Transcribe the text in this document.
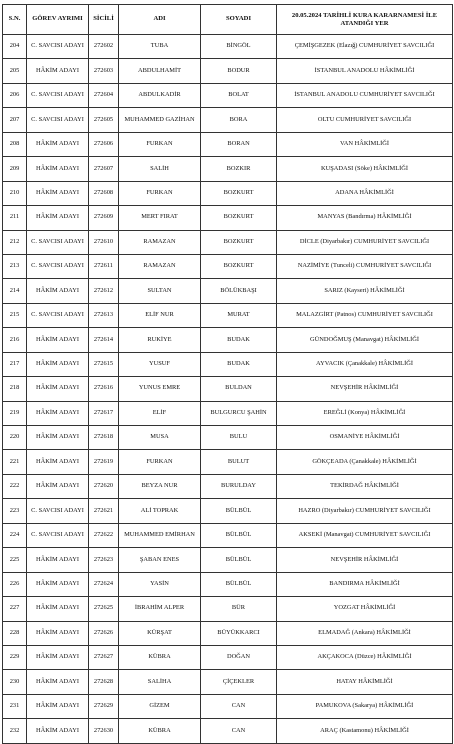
S.N.	GÖREV AYRIMI	SİCİLİ	ADI	SOYADI	20.05.2024 TARİHLİ KURA KARARNAMESİ İLE ATANDIĞI YER
204	C. SAVCISI ADAYI	272602	TUBA	BİNGÖL	ÇEMİŞGEZEK (Elazığ) CUMHURİYET SAVCILIĞI
205	HÂKİM ADAYI	272603	ABDULHAMİT	BODUR	İSTANBUL ANADOLU HÂKİMLİĞİ
206	C. SAVCISI ADAYI	272604	ABDULKADİR	BOLAT	İSTANBUL ANADOLU CUMHURİYET SAVCILIĞI
207	C. SAVCISI ADAYI	272605	MUHAMMED GAZİHAN	BORA	OLTU CUMHURİYET SAVCILIĞI
208	HÂKİM ADAYI	272606	FURKAN	BORAN	VAN HÂKİMLİĞİ
209	HÂKİM ADAYI	272607	SALİH	BOZKIR	KUŞADASI (Söke) HÂKİMLİĞİ
210	HÂKİM ADAYI	272608	FURKAN	BOZKURT	ADANA HÂKİMLİĞİ
211	HÂKİM ADAYI	272609	MERT FIRAT	BOZKURT	MANYAS (Bandırma) HÂKİMLİĞİ
212	C. SAVCISI ADAYI	272610	RAMAZAN	BOZKURT	DİCLE (Diyarbakır) CUMHURİYET SAVCILIĞI
213	C. SAVCISI ADAYI	272611	RAMAZAN	BOZKURT	NAZİMİYE (Tunceli) CUMHURİYET SAVCILIĞI
214	HÂKİM ADAYI	272612	SULTAN	BÖLÜKBAŞI	SARIZ (Kayseri) HÂKİMLİĞİ
215	C. SAVCISI ADAYI	272613	ELİF NUR	MURAT	MALAZGİRT (Patnos) CUMHURİYET SAVCILIĞI
216	HÂKİM ADAYI	272614	RUKİYE	BUDAK	GÜNDOĞMUŞ (Manavgat) HÂKİMLİĞİ
217	HÂKİM ADAYI	272615	YUSUF	BUDAK	AYVACIK (Çanakkale) HÂKİMLİĞİ
218	HÂKİM ADAYI	272616	YUNUS EMRE	BULDAN	NEVŞEHİR HÂKİMLİĞİ
219	HÂKİM ADAYI	272617	ELİF	BULGURCU ŞAHİN	EREĞLİ (Konya) HÂKİMLİĞİ
220	HÂKİM ADAYI	272618	MUSA	BULU	OSMANİYE HÂKİMLİĞİ
221	HÂKİM ADAYI	272619	FURKAN	BULUT	GÖKÇEADA (Çanakkale) HÂKİMLİĞİ
222	HÂKİM ADAYI	272620	BEYZA NUR	BURULDAY	TEKİRDAĞ HÂKİMLİĞİ
223	C. SAVCISI ADAYI	272621	ALİ TOPRAK	BÜLBÜL	HAZRO (Diyarbakır) CUMHURİYET SAVCILIĞI
224	C. SAVCISI ADAYI	272622	MUHAMMED EMİRHAN	BÜLBÜL	AKSEKİ (Manavgat) CUMHURİYET SAVCILIĞI
225	HÂKİM ADAYI	272623	ŞABAN ENES	BÜLBÜL	NEVŞEHİR HÂKİMLİĞİ
226	HÂKİM ADAYI	272624	YASİN	BÜLBÜL	BANDIRMA HÂKİMLİĞİ
227	HÂKİM ADAYI	272625	İBRAHİM ALPER	BÜR	YOZGAT HÂKİMLİĞİ
228	HÂKİM ADAYI	272626	KÜRŞAT	BÜYÜKKARCI	ELMADAĞ (Ankara) HÂKİMLİĞİ
229	HÂKİM ADAYI	272627	KÜBRA	DOĞAN	AKÇAKOCA (Düzce) HÂKİMLİĞİ
230	HÂKİM ADAYI	272628	SALİHA	ÇİÇEKLER	HATAY HÂKİMLİĞİ
231	HÂKİM ADAYI	272629	GİZEM	CAN	PAMUKOVA (Sakarya) HÂKİMLİĞİ
232	HÂKİM ADAYI	272630	KÜBRA	CAN	ARAÇ (Kastamonu) HÂKİMLİĞİ
